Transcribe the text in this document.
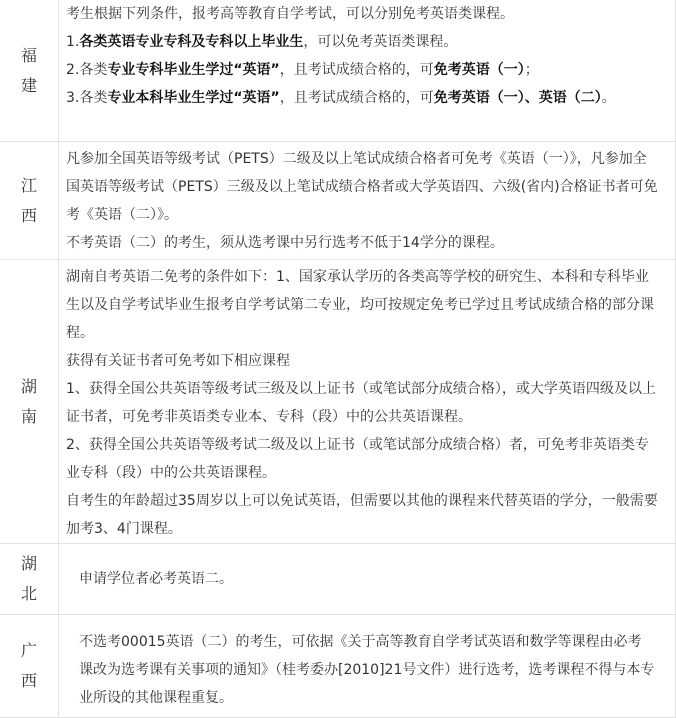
福建

考生根据下列条件，报考高等教育自学考试，可以分别免考英语类课程。

1.各类英语专业专科及专科以上毕业生，可以免考英语类课程。

2.各类专业专科毕业生学过“英语”，且考试成绩合格的，可免考英语（一）；

3.各类专业本科毕业生学过“英语”，且考试成绩合格的，可免考英语（一）、英语（二）。

江西

凡参加全国英语等级考试（PETS）二级及以上笔试成绩合格者可免考《英语（一）》，凡参加全国英语等级考试（PETS）三级及以上笔试成绩合格者或大学英语四、六级(省内)合格证书者可免考《英语（二）》。

不考英语（二）的考生，须从选考课中另行选考不低于14学分的课程。

湖南

湖南自考英语二免考的条件如下：1、国家承认学历的各类高等学校的研究生、本科和专科毕业生以及自学考试毕业生报考自学考试第二专业，均可按规定免考已学过且考试成绩合格的部分课程。

获得有关证书者可免考如下相应课程

1、获得全国公共英语等级考试三级及以上证书（或笔试部分成绩合格），或大学英语四级及以上证书者，可免考非英语类专业本、专科（段）中的公共英语课程。

2、获得全国公共英语等级考试二级及以上证书（或笔试部分成绩合格）者，可免考非英语类专业专科（段）中的公共英语课程。

自考生的年龄超过35周岁以上可以免试英语，但需要以其他的课程来代替英语的学分，一般需要加考3、4门课程。

湖北

申请学位者必考英语二。

广西

不选考00015英语（二）的考生，可依据《关于高等教育自学考试英语和数学等课程由必考课改为选考课有关事项的通知》（桂考委办[2010]21号文件）进行选考，选考课程不得与本专业所设的其他课程重复。
